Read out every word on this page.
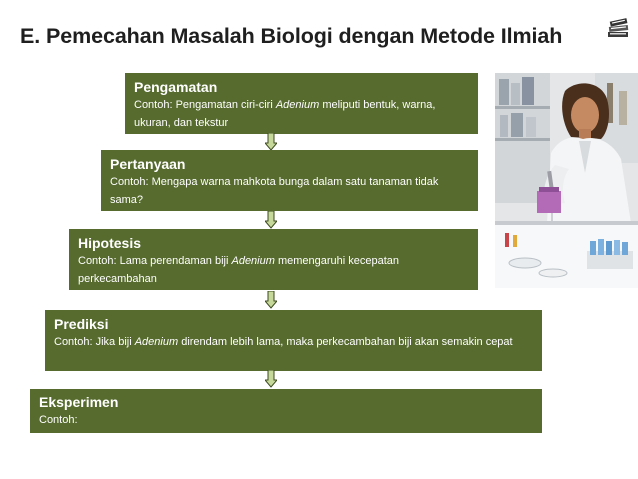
E. Pemecahan Masalah Biologi dengan Metode Ilmiah
Pengamatan
Contoh: Pengamatan ciri-ciri Adenium meliputi bentuk, warna, ukuran, dan tekstur
Pertanyaan
Contoh: Mengapa warna mahkota bunga dalam satu tanaman tidak sama?
Hipotesis
Contoh: Lama perendaman biji Adenium memengaruhi kecepatan perkecambahan
Prediksi
Contoh: Jika biji Adenium direndam lebih lama, maka perkecambahan biji akan semakin cepat
Eksperimen
Contoh:
